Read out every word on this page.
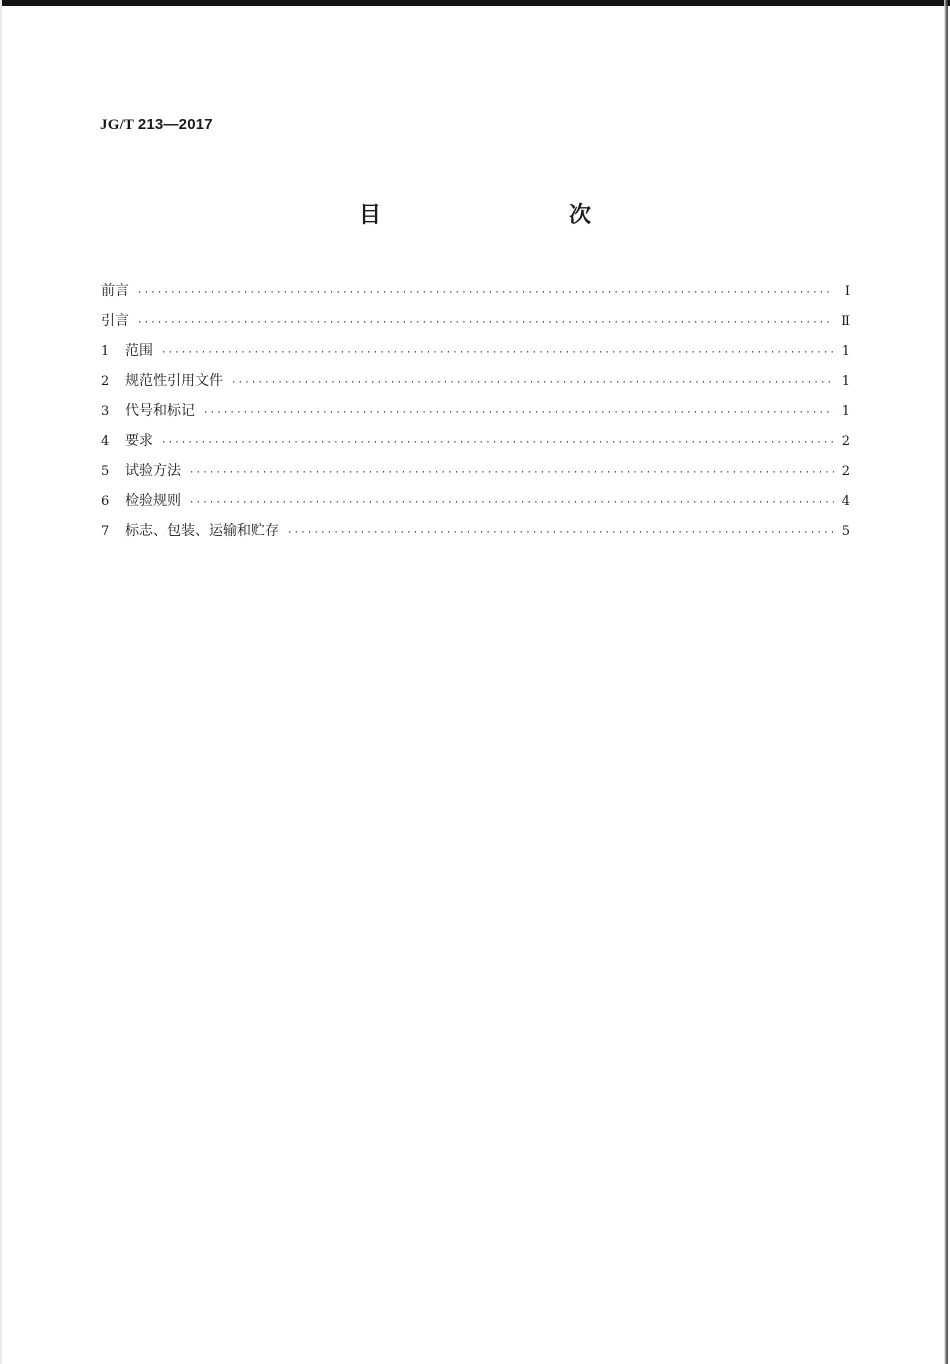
JG/T 213—2017
目　　次
前言 ·····	Ⅰ
引言 ·····	Ⅱ
1	范围 ·····	1
2	规范性引用文件 ·····	1
3	代号和标记 ·····	1
4	要求 ·····	2
5	试验方法 ·····	2
6	检验规则 ·····	4
7	标志、包装、运输和贮存 ·····	5
